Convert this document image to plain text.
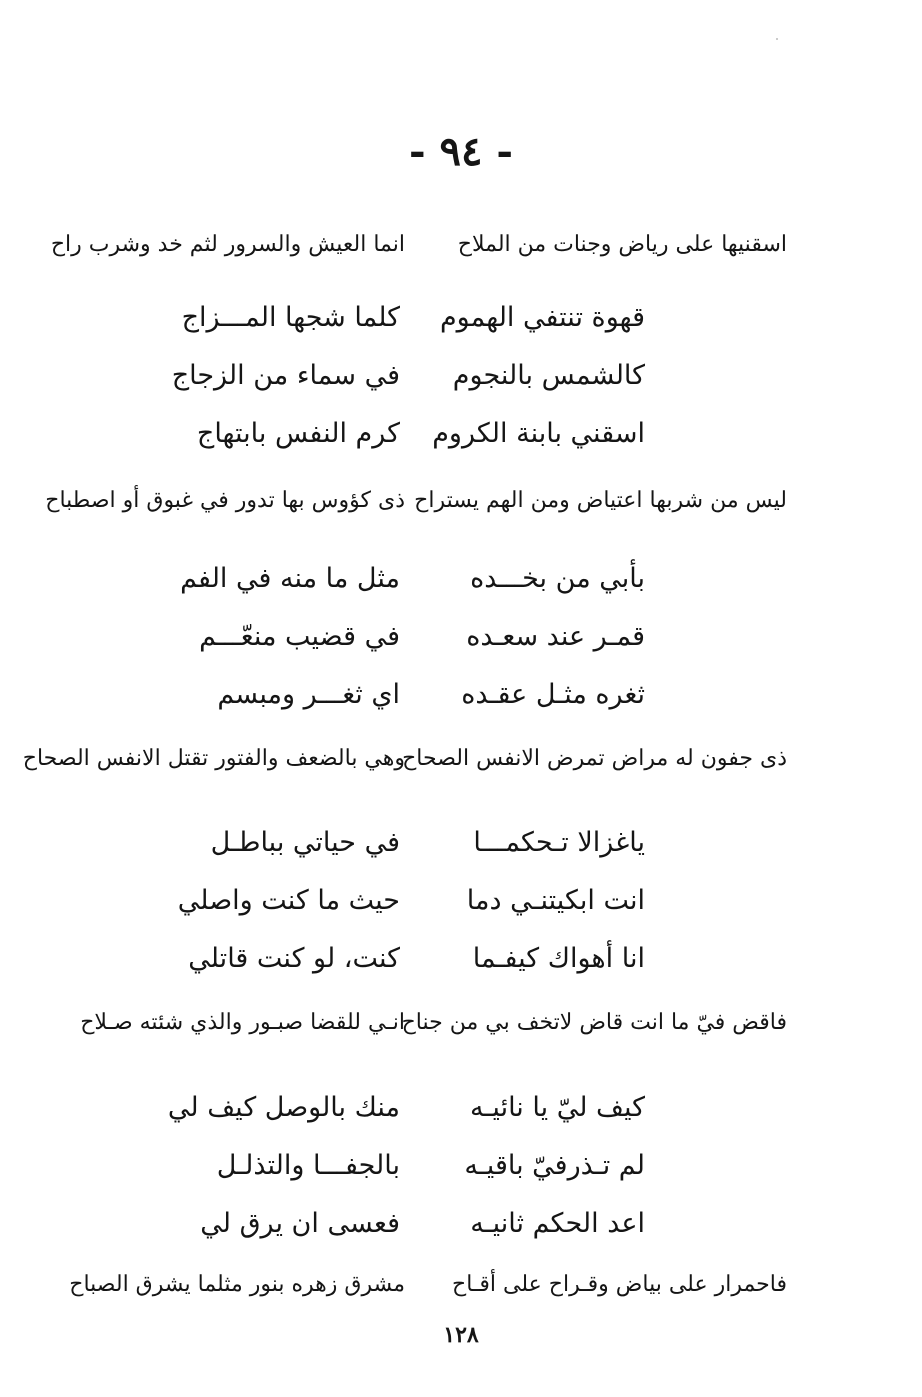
- ٩٤ -
اسقنيها على رياض وجنات من الملاح
انما العيش والسرور لثم خد وشرب راح
قهوة تنتفي الهموم
كلما شجها المـــزاج
كالشمس بالنجوم
في سماء من الزجاج
اسقني بابنة الكروم
كرم النفس بابتهاج
ليس من شربها اعتياض ومن الهم يستراح
ذى كؤوس بها تدور في غبوق أو اصطباح
بأبي من بخـــده
مثل ما منه في الفم
قمـر عند سعـده
في قضيب منعّـــم
ثغره مثـل عقـده
اي ثغـــر ومبسم
ذى جفون له مراض تمرض الانفس الصحاح
وهي بالضعف والفتور تقتل الانفس الصحاح
ياغزالا تـحكمـــا
في حياتي بباطـل
انت ابكيتنـي دما
حيث ما كنت واصلي
انا أهواك كيفـما
كنت، لو كنت قاتلي
فاقض فيّ ما انت قاض لاتخف بي من جناح
انـي للقضا صبـور والذي شئته صـلاح
كيف ليّ يا نائيـه
منك بالوصل كيف لي
لم تـذرفيّ باقيـه
بالجفـــا والتذلـل
اعد الحكم ثانيـه
فعسى ان يرق لي
فاحمرار على بياض وقـراح على أقـاح
مشرق زهره بنور مثلما يشرق الصباح
١٢٨
